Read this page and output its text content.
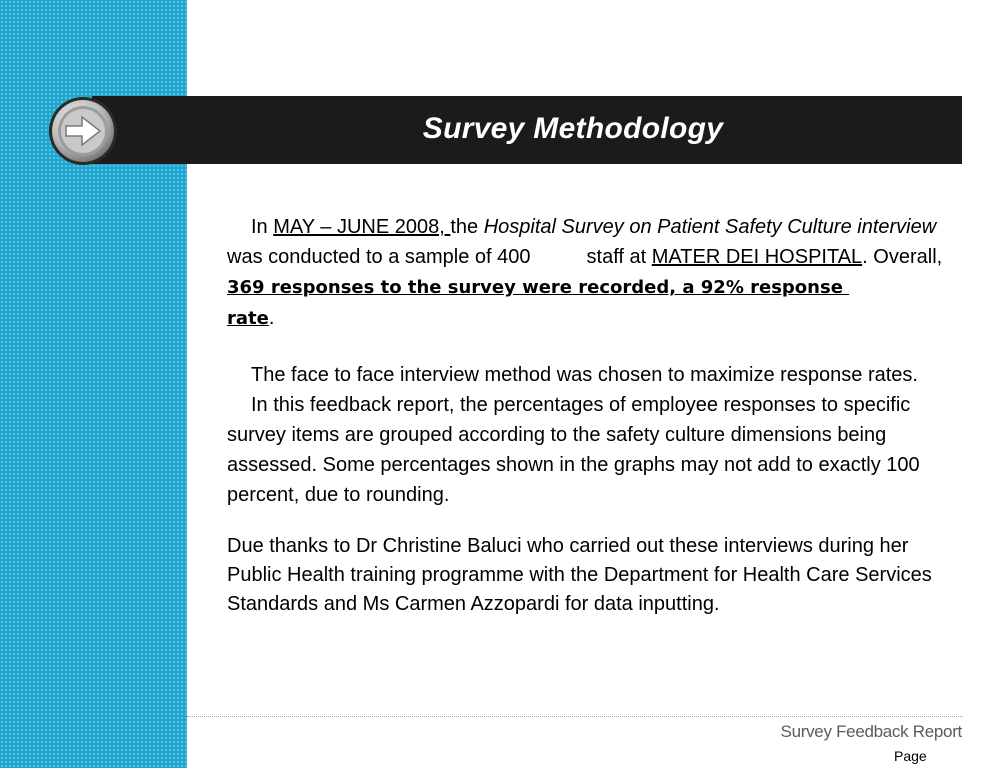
Survey Methodology

In MAY – JUNE 2008, the Hospital Survey on Patient Safety Culture interview was conducted to a sample of 400	staff at MATER DEI HOSPITAL. Overall, 369 responses to the survey were recorded, a 92% response rate.

The face to face interview method was chosen to maximize response rates.

In this feedback report, the percentages of employee responses to specific survey items are grouped according to the safety culture dimensions being assessed. Some percentages shown in the graphs may not add to exactly 100 percent, due to rounding.

Due thanks to Dr Christine Baluci who carried out these interviews during her Public Health training programme with the Department for Health Care Services Standards and Ms Carmen Azzopardi for data inputting.

Survey Feedback Report
Page
